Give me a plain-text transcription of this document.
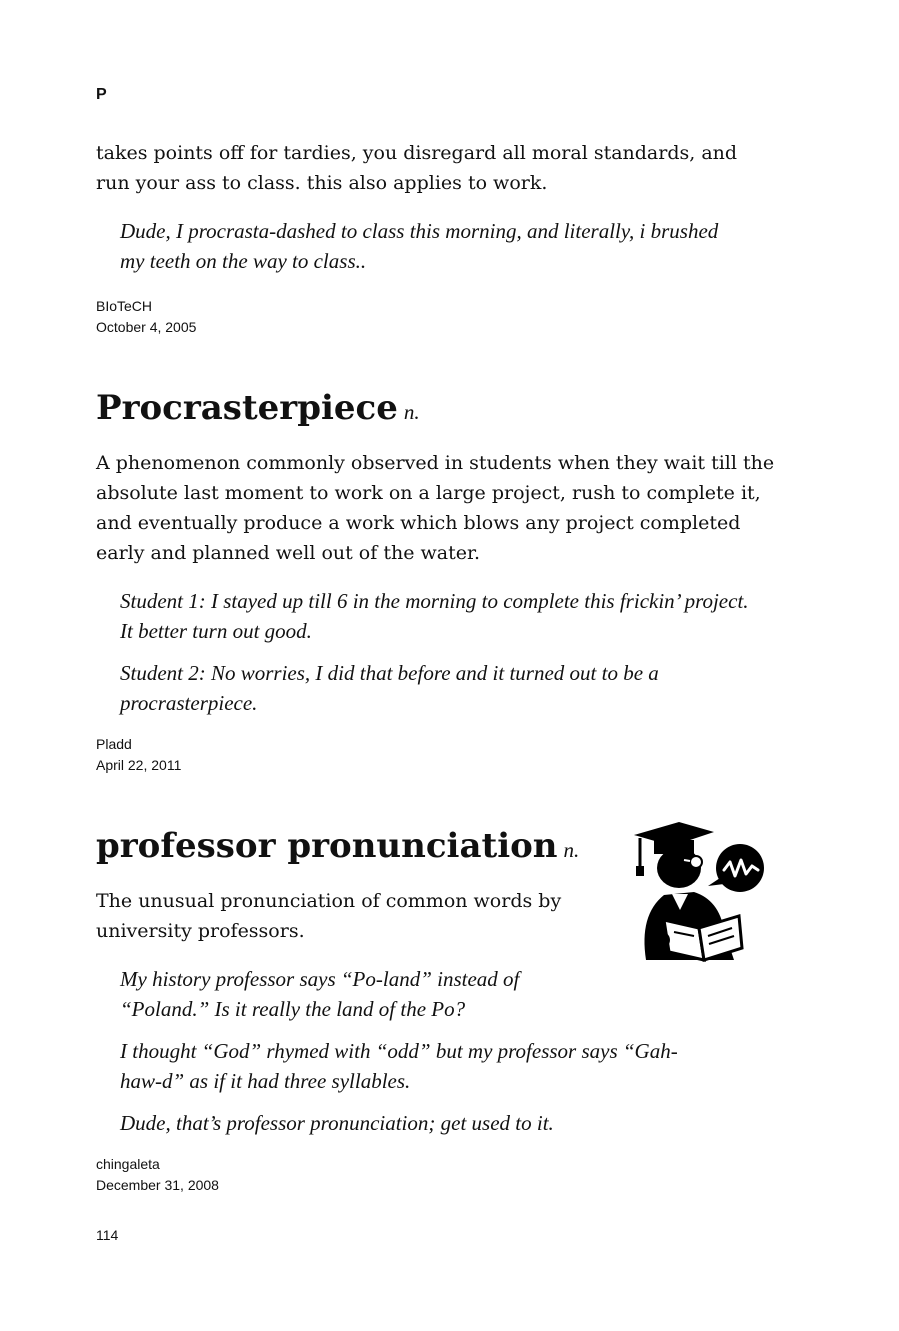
P

takes points off for tardies, you disregard all moral standards, and run your ass to class. this also applies to work.

Dude, I procrasta-dashed to class this morning, and literally, i brushed my teeth on the way to class..

BIoTeCH

October 4, 2005

Procrasterpiece n.

A phenomenon commonly observed in students when they wait till the absolute last moment to work on a large project, rush to complete it, and eventually produce a work which blows any project completed early and planned well out of the water.

Student 1: I stayed up till 6 in the morning to complete this frickin’ project. It better turn out good.

Student 2: No worries, I did that before and it turned out to be a procrasterpiece.

Pladd

April 22, 2011

professor pronunciation n.

The unusual pronunciation of common words by university professors.

My history professor says “Po-land” instead of “Poland.” Is it really the land of the Po?

I thought “God” rhymed with “odd” but my professor says “Gah-haw-d” as if it had three syllables.

Dude, that’s professor pronunciation; get used to it.

chingaleta

December 31, 2008

114
